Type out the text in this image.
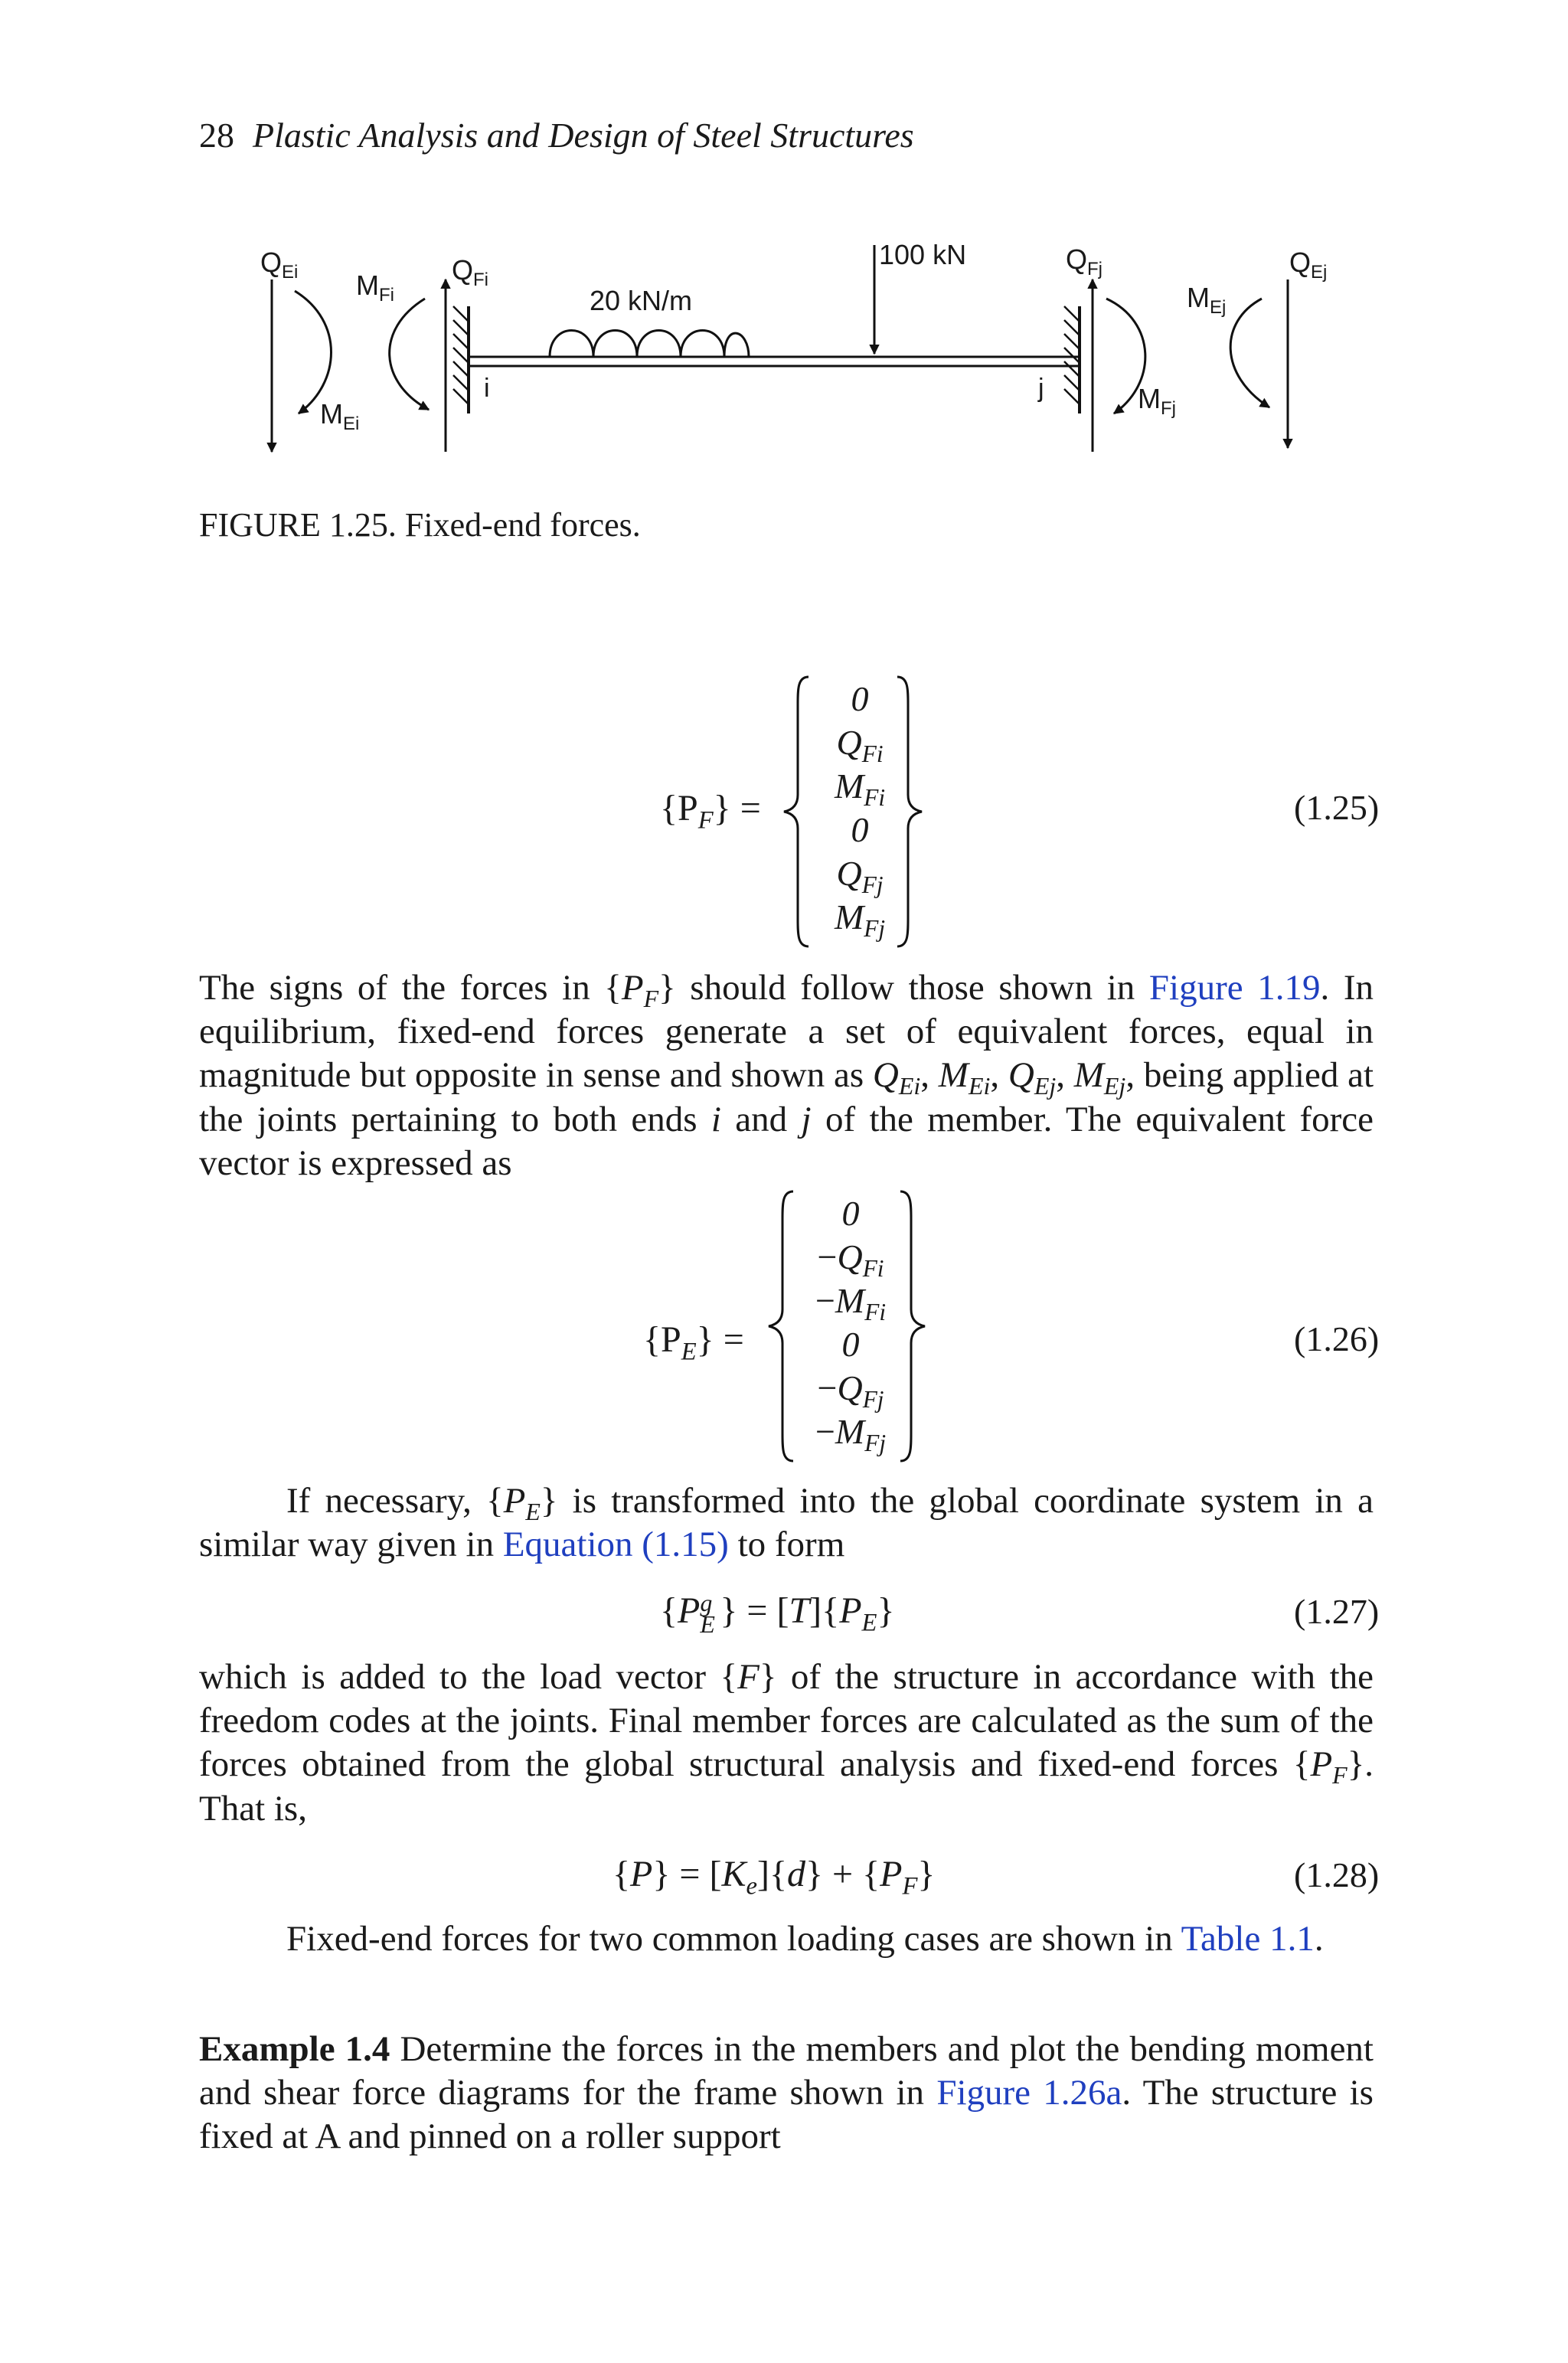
28 Plastic Analysis and Design of Steel Structures
$Q_{Ei}$ $M_{Fi}$
$Q_{Fi}$
$M_{Ei}$
i
20 kN/m
100 kN
j
$Q_{Fj}$
$M_{Fj}$
$M_{Ej}$
$Q_{Ej}$
FIGURE 1.25. Fixed-end forces.
$\{P_F\}$ =
0
$Q_{Fi}$
$M_{Fi}$
0
$Q_{Fj}$
$M_{Fj}$
(1.25)

The signs of the forces in $\{P_F\}$ should follow those shown in Figure 1.19. In equilibrium, fixed-end forces generate a set of equivalent forces, equal in magnitude but opposite in sense and shown as $Q_{Ei}$, $M_{Ei}$, $Q_{Ej}$, $M_{Ej}$, being applied at the joints pertaining to both ends i and j of the member. The equivalent force vector is expressed as

$\{P_E\}$ =
0
$-Q_{Fi}$
$-M_{Fi}$
0
$-Q_{Fj}$
$-M_{Fj}$
(1.26)

If necessary, $\{P_E\}$ is transformed into the global coordinate system in a similar way given in Equation (1.15) to form

{P g
E } = $[T]\{P_E\}$	(1.27)

which is added to the load vector {F} of the structure in accordance with the freedom codes at the joints. Final member forces are calculated as the sum of the forces obtained from the global structural analysis and fixed-end forces $\{P_F\}$. That is,

$\{P\} = [K_e]\{d\} + \{P_F\}$	(1.28)

Fixed-end forces for two common loading cases are shown in Table 1.1.

Example 1.4 Determine the forces in the members and plot the bending moment and shear force diagrams for the frame shown in Figure 1.26a. The structure is fixed at A and pinned on a roller support
